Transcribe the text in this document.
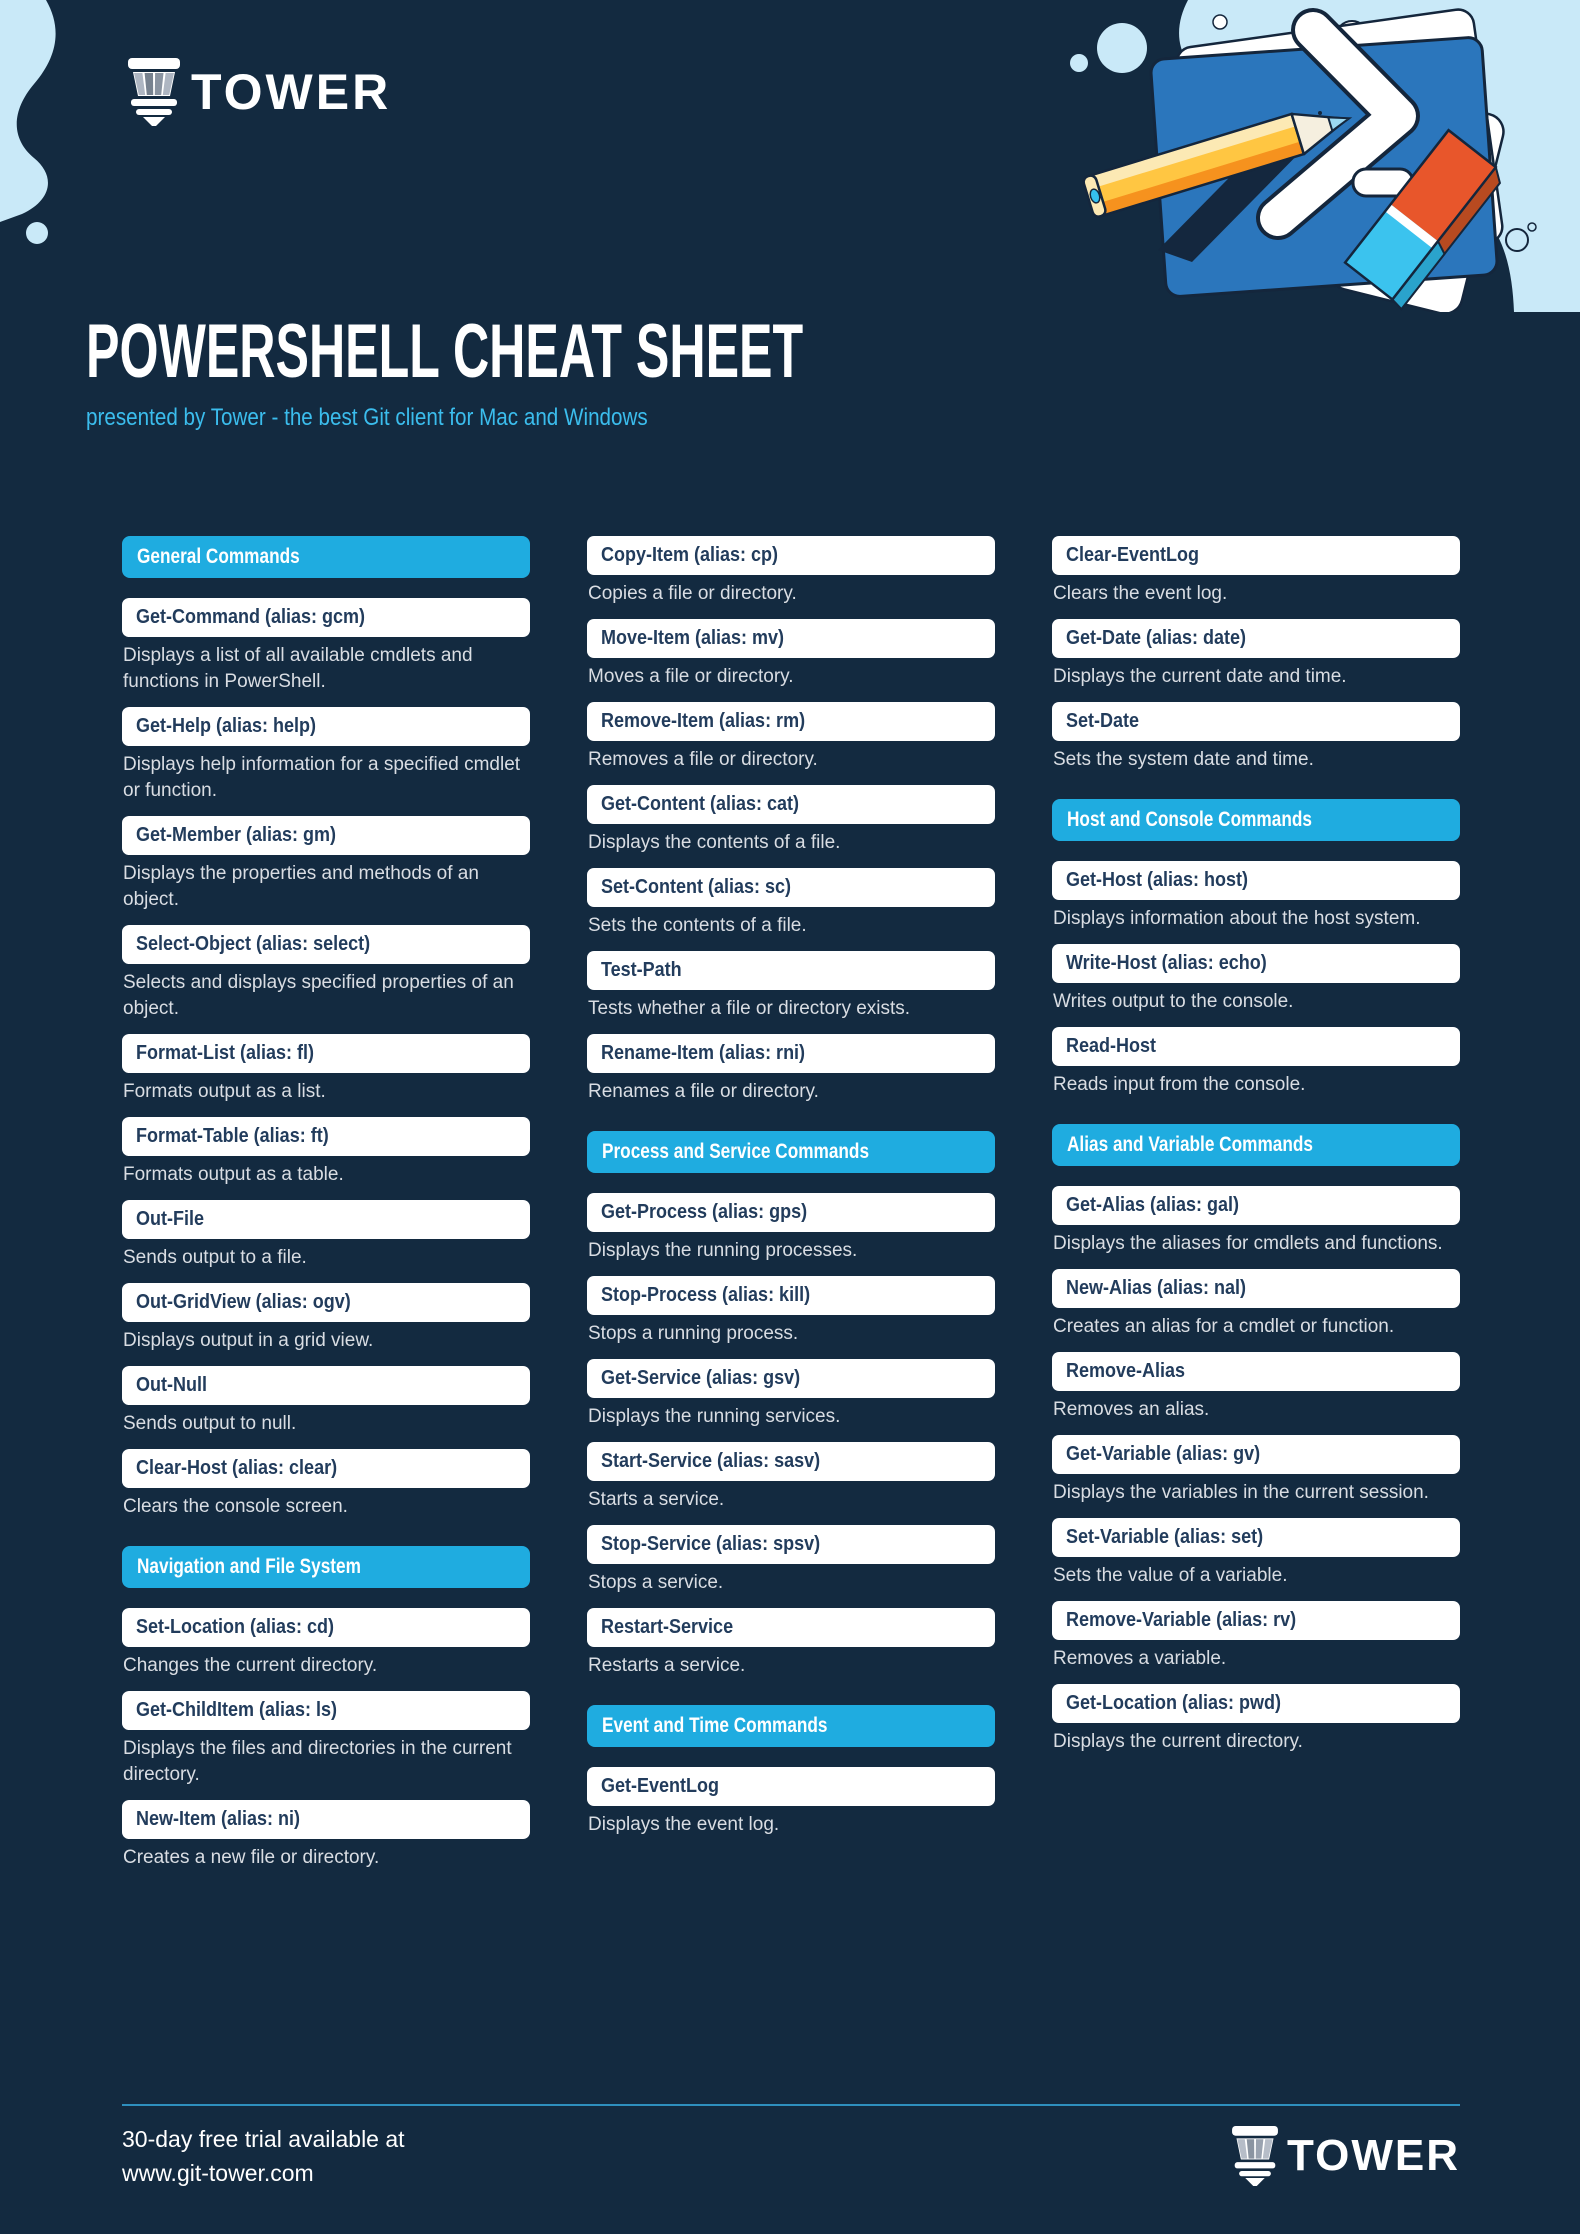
TOWER
POWERSHELL CHEAT SHEET
presented by Tower - the best Git client for Mac and Windows
General Commands
Get-Command (alias: gcm)
Displays a list of all available cmdlets and functions in PowerShell.
Get-Help (alias: help)
Displays help information for a specified cmdlet or function.
Get-Member (alias: gm)
Displays the properties and methods of an object.
Select-Object (alias: select)
Selects and displays specified properties of an object.
Format-List (alias: fl)
Formats output as a list.
Format-Table (alias: ft)
Formats output as a table.
Out-File
Sends output to a file.
Out-GridView (alias: ogv)
Displays output in a grid view.
Out-Null
Sends output to null.
Clear-Host (alias: clear)
Clears the console screen.
Navigation and File System
Set-Location (alias: cd)
Changes the current directory.
Get-ChildItem (alias: ls)
Displays the files and directories in the current directory.
New-Item (alias: ni)
Creates a new file or directory.
Copy-Item (alias: cp)
Copies a file or directory.
Move-Item (alias: mv)
Moves a file or directory.
Remove-Item (alias: rm)
Removes a file or directory.
Get-Content (alias: cat)
Displays the contents of a file.
Set-Content (alias: sc)
Sets the contents of a file.
Test-Path
Tests whether a file or directory exists.
Rename-Item (alias: rni)
Renames a file or directory.
Process and Service Commands
Get-Process (alias: gps)
Displays the running processes.
Stop-Process (alias: kill)
Stops a running process.
Get-Service (alias: gsv)
Displays the running services.
Start-Service (alias: sasv)
Starts a service.
Stop-Service (alias: spsv)
Stops a service.
Restart-Service
Restarts a service.
Event and Time Commands
Get-EventLog
Displays the event log.
Clear-EventLog
Clears the event log.
Get-Date (alias: date)
Displays the current date and time.
Set-Date
Sets the system date and time.
Host and Console Commands
Get-Host (alias: host)
Displays information about the host system.
Write-Host (alias: echo)
Writes output to the console.
Read-Host
Reads input from the console.
Alias and Variable Commands
Get-Alias (alias: gal)
Displays the aliases for cmdlets and functions.
New-Alias (alias: nal)
Creates an alias for a cmdlet or function.
Remove-Alias
Removes an alias.
Get-Variable (alias: gv)
Displays the variables in the current session.
Set-Variable (alias: set)
Sets the value of a variable.
Remove-Variable (alias: rv)
Removes a variable.
Get-Location (alias: pwd)
Displays the current directory.
30-day free trial available at
www.git-tower.com	TOWER
